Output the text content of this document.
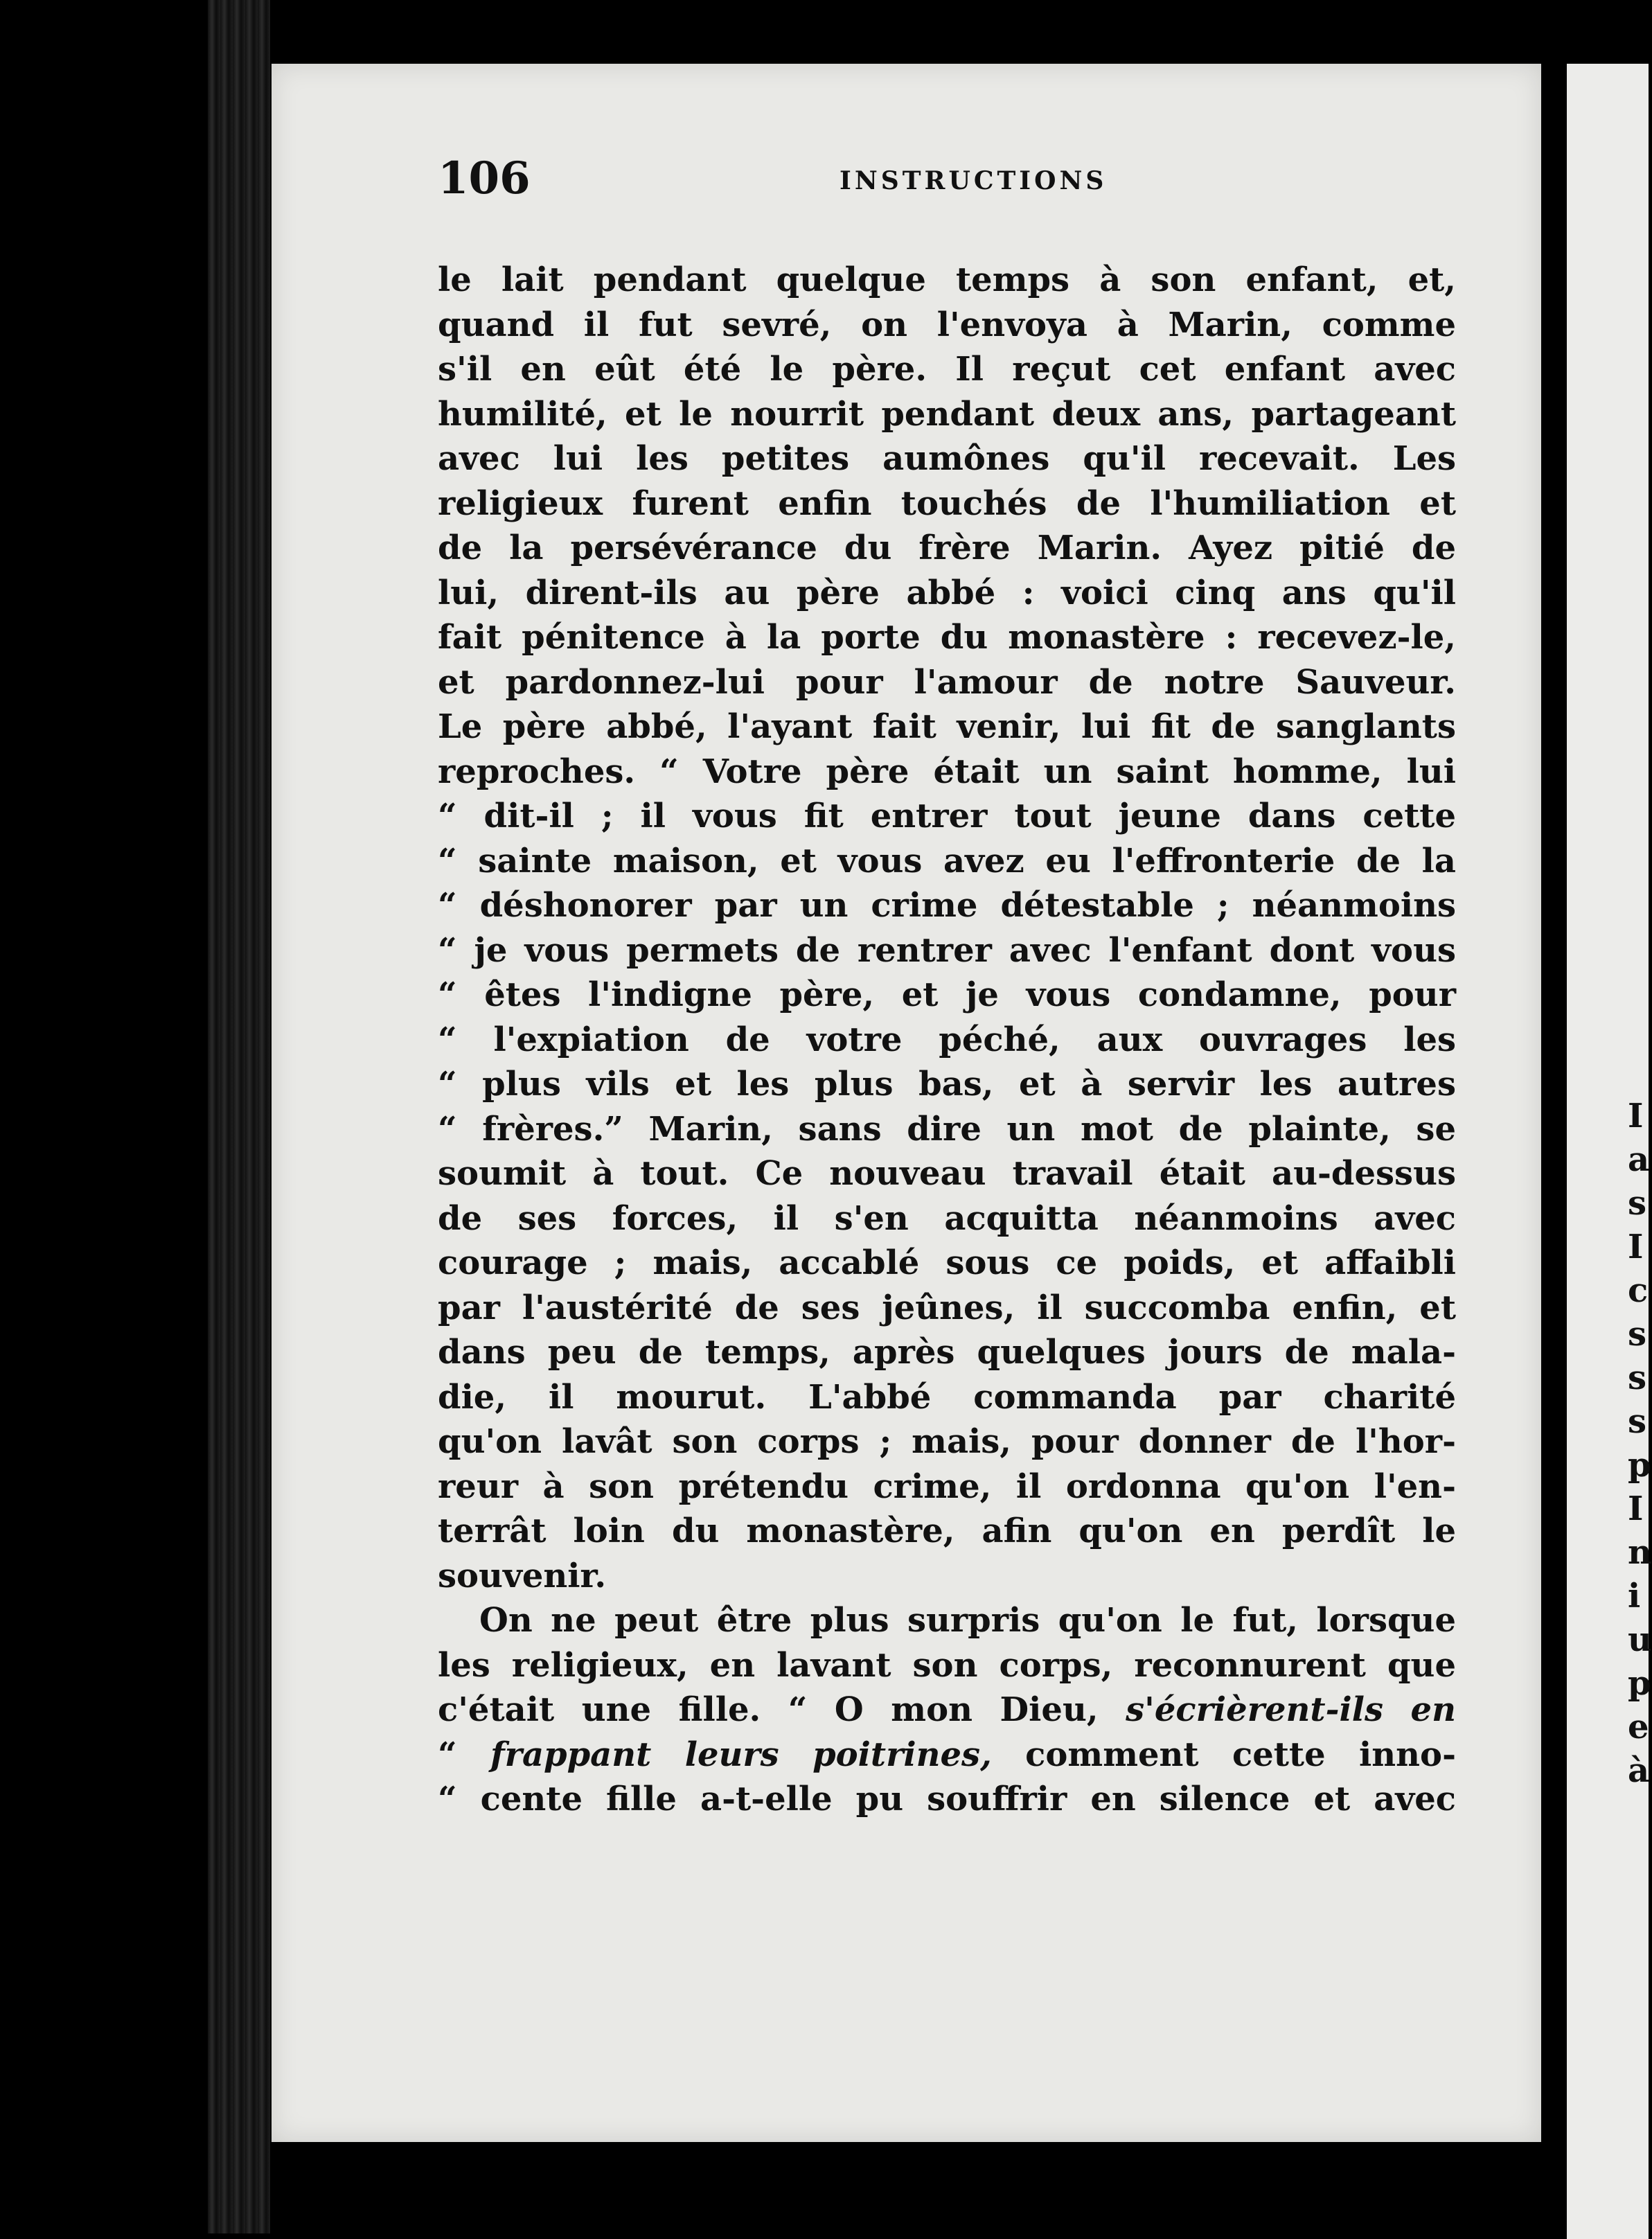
I
a
s
I
c
s
s
s
p
I
n
i
u
p
e
à
106	INSTRUCTIONS
le lait pendant quelque temps à son enfant, et,
quand il fut sevré, on l'envoya à Marin, comme
s'il en eût été le père. Il reçut cet enfant avec
humilité, et le nourrit pendant deux ans, partageant
avec lui les petites aumônes qu'il recevait. Les
religieux furent enfin touchés de l'humiliation et
de la persévérance du frère Marin. Ayez pitié de
lui, dirent-ils au père abbé : voici cinq ans qu'il
fait pénitence à la porte du monastère : recevez-le,
et pardonnez-lui pour l'amour de notre Sauveur.
Le père abbé, l'ayant fait venir, lui fit de sanglants
reproches. “ Votre père était un saint homme, lui
“ dit-il ; il vous fit entrer tout jeune dans cette
“ sainte maison, et vous avez eu l'effronterie de la
“ déshonorer par un crime détestable ; néanmoins
“ je vous permets de rentrer avec l'enfant dont vous
“ êtes l'indigne père, et je vous condamne, pour
“ l'expiation de votre péché, aux ouvrages les
“ plus vils et les plus bas, et à servir les autres
“ frères.” Marin, sans dire un mot de plainte, se
soumit à tout. Ce nouveau travail était au-dessus
de ses forces, il s'en acquitta néanmoins avec
courage ; mais, accablé sous ce poids, et affaibli
par l'austérité de ses jeûnes, il succomba enfin, et
dans peu de temps, après quelques jours de mala-
die, il mourut. L'abbé commanda par charité
qu'on lavât son corps ; mais, pour donner de l'hor-
reur à son prétendu crime, il ordonna qu'on l'en-
terrât loin du monastère, afin qu'on en perdît le
souvenir.
On ne peut être plus surpris qu'on le fut, lorsque
les religieux, en lavant son corps, reconnurent que
c'était une fille. “ O mon Dieu, s'écrièrent-ils en
“ frappant leurs poitrines, comment cette inno-
“ cente fille a-t-elle pu souffrir en silence et avec
